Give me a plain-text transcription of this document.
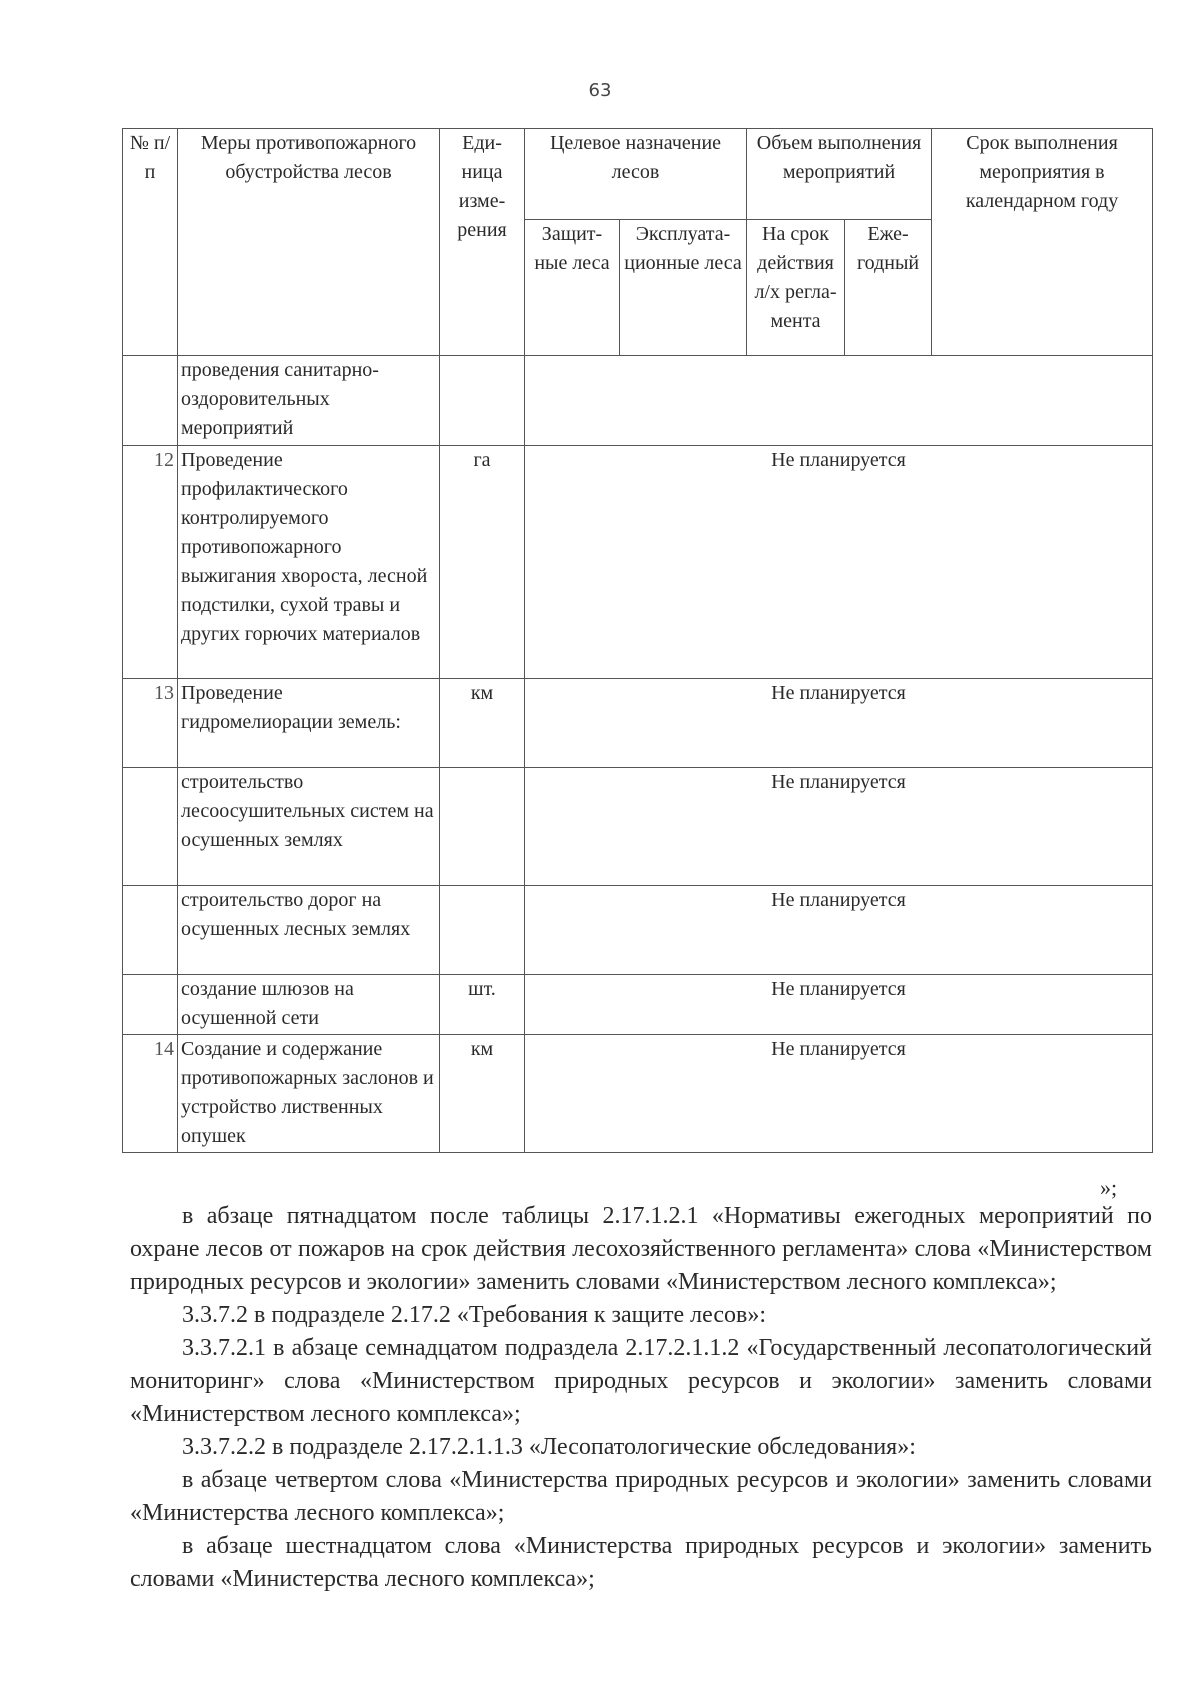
63
№ п/п	Меры противопожарного обустройства лесов	Еди-ница изме-рения	Целевое назначение лесов		Объем выполнения мероприятий		Срок выполнения мероприятия в календарном году
			Защит-ные леса	Эксплуата-ционные леса	На срок действия л/х регла-мента	Еже-годный	
	проведения санитарно-оздоровительных мероприятий						
12	Проведение профилактического контролируемого противопожарного выжигания хвороста, лесной подстилки, сухой травы и других горючих материалов	га	Не планируется				
13	Проведение гидромелиорации земель:	км	Не планируется				
	строительство лесоосушительных систем на осушенных землях		Не планируется				
	строительство дорог на осушенных лесных землях		Не планируется				
	создание шлюзов на осушенной сети	шт.	Не планируется				
14	Создание и содержание противопожарных заслонов и устройство лиственных опушек	км	Не планируется				
»;

в абзаце пятнадцатом после таблицы 2.17.1.2.1 «Нормативы ежегодных мероприятий по охране лесов от пожаров на срок действия лесохозяйственного регламента» слова «Министерством природных ресурсов и экологии» заменить словами «Министерством лесного комплекса»;

3.3.7.2 в подразделе 2.17.2 «Требования к защите лесов»:

3.3.7.2.1 в абзаце семнадцатом подраздела 2.17.2.1.1.2 «Государственный лесопатологический мониторинг» слова «Министерством природных ресурсов и экологии» заменить словами «Министерством лесного комплекса»;

3.3.7.2.2 в подразделе 2.17.2.1.1.3 «Лесопатологические обследования»:

в абзаце четвертом слова «Министерства природных ресурсов и экологии» заменить словами «Министерства лесного комплекса»;

в абзаце шестнадцатом слова «Министерства природных ресурсов и экологии» заменить словами «Министерства лесного комплекса»;
